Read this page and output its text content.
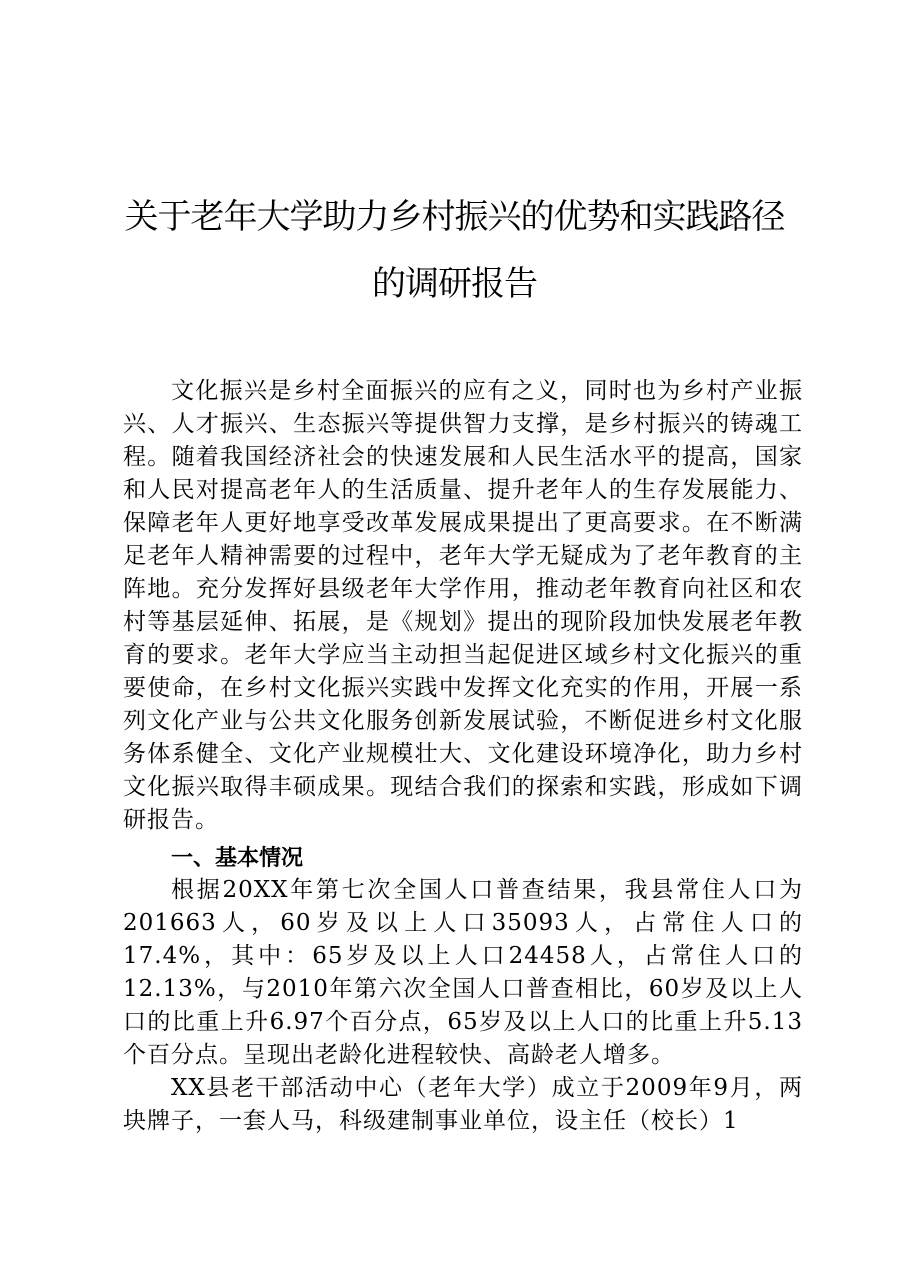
关于老年大学助力乡村振兴的优势和实践路径
的调研报告

文化振兴是乡村全面振兴的应有之义，同时也为乡村产业振兴、人才振兴、生态振兴等提供智力支撑，是乡村振兴的铸魂工程。随着我国经济社会的快速发展和人民生活水平的提高，国家和人民对提高老年人的生活质量、提升老年人的生存发展能力、保障老年人更好地享受改革发展成果提出了更高要求。在不断满足老年人精神需要的过程中，老年大学无疑成为了老年教育的主阵地。充分发挥好县级老年大学作用，推动老年教育向社区和农村等基层延伸、拓展，是《规划》提出的现阶段加快发展老年教育的要求。老年大学应当主动担当起促进区域乡村文化振兴的重要使命，在乡村文化振兴实践中发挥文化充实的作用，开展一系列文化产业与公共文化服务创新发展试验，不断促进乡村文化服务体系健全、文化产业规模壮大、文化建设环境净化，助力乡村文化振兴取得丰硕成果。现结合我们的探索和实践，形成如下调研报告。

一、基本情况

根据20XX年第七次全国人口普查结果，我县常住人口为201663人，60岁及以上人口35093人，占常住人口的17.4%，其中：65岁及以上人口24458人，占常住人口的12.13%，与2010年第六次全国人口普查相比，60岁及以上人口的比重上升6.97个百分点，65岁及以上人口的比重上升5.13个百分点。呈现出老龄化进程较快、高龄老人增多。

XX县老干部活动中心（老年大学）成立于2009年9月，两块牌子，一套人马，科级建制事业单位，设主任（校长）1
